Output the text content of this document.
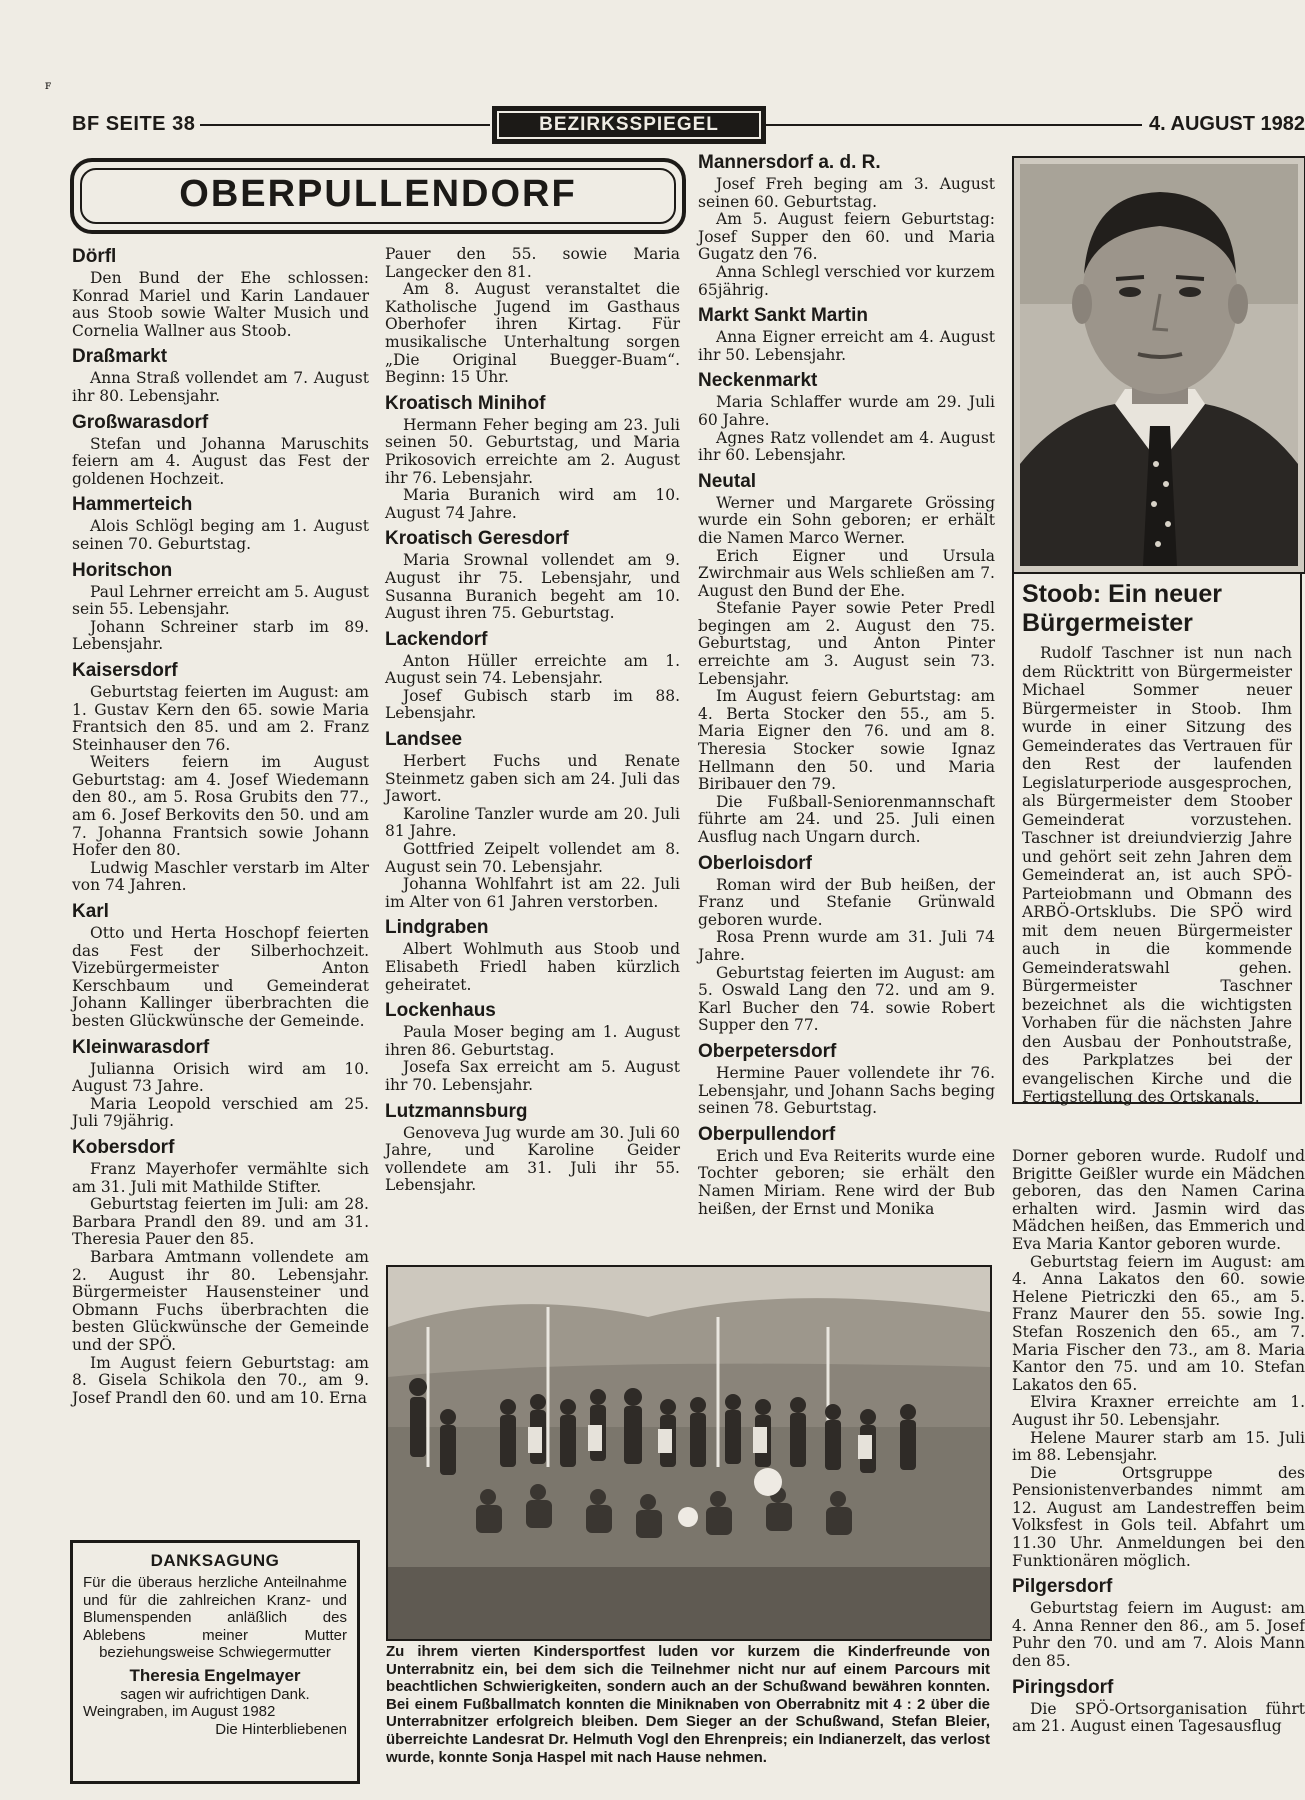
ꜰ
BF SEITE 38	BEZIRKSSPIEGEL	4. AUGUST 1982
OBERPULLENDORF
Dörfl

Den Bund der Ehe schlossen: Konrad Mariel und Karin Landauer aus Stoob sowie Walter Musich und Cornelia Wallner aus Stoob.

Draßmarkt

Anna Straß vollendet am 7. August ihr 80. Lebensjahr.

Großwarasdorf

Stefan und Johanna Maruschits feiern am 4. August das Fest der goldenen Hochzeit.

Hammerteich

Alois Schlögl beging am 1. August seinen 70. Geburtstag.

Horitschon

Paul Lehrner erreicht am 5. August sein 55. Lebensjahr.

Johann Schreiner starb im 89. Lebensjahr.

Kaisersdorf

Geburtstag feierten im August: am 1. Gustav Kern den 65. sowie Maria Frantsich den 85. und am 2. Franz Steinhauser den 76.

Weiters feiern im August Geburtstag: am 4. Josef Wiedemann den 80., am 5. Rosa Grubits den 77., am 6. Josef Berkovits den 50. und am 7. Johanna Frantsich sowie Johann Hofer den 80.

Ludwig Maschler verstarb im Alter von 74 Jahren.

Karl

Otto und Herta Hoschopf feierten das Fest der Silberhochzeit. Vizebürgermeister Anton Kerschbaum und Gemeinderat Johann Kallinger überbrachten die besten Glückwünsche der Gemeinde.

Kleinwarasdorf

Julianna Orisich wird am 10. August 73 Jahre.

Maria Leopold verschied am 25. Juli 79jährig.

Kobersdorf

Franz Mayerhofer vermählte sich am 31. Juli mit Mathilde Stifter.

Geburtstag feierten im Juli: am 28. Barbara Prandl den 89. und am 31. Theresia Pauer den 85.

Barbara Amtmann vollendete am 2. August ihr 80. Lebensjahr. Bürgermeister Hausensteiner und Obmann Fuchs überbrachten die besten Glückwünsche der Gemeinde und der SPÖ.

Im August feiern Geburtstag: am 8. Gisela Schikola den 70., am 9. Josef Prandl den 60. und am 10. Erna

Pauer den 55. sowie Maria Langecker den 81.

Am 8. August veranstaltet die Katholische Jugend im Gasthaus Oberhofer ihren Kirtag. Für musikalische Unterhaltung sorgen „Die Original Buegger-Buam“. Beginn: 15 Uhr.

Kroatisch Minihof

Hermann Feher beging am 23. Juli seinen 50. Geburtstag, und Maria Prikosovich erreichte am 2. August ihr 76. Lebensjahr.

Maria Buranich wird am 10. August 74 Jahre.

Kroatisch Geresdorf

Maria Srownal vollendet am 9. August ihr 75. Lebensjahr, und Susanna Buranich begeht am 10. August ihren 75. Geburtstag.

Lackendorf

Anton Hüller erreichte am 1. August sein 74. Lebensjahr.

Josef Gubisch starb im 88. Lebensjahr.

Landsee

Herbert Fuchs und Renate Steinmetz gaben sich am 24. Juli das Jawort.

Karoline Tanzler wurde am 20. Juli 81 Jahre.

Gottfried Zeipelt vollendet am 8. August sein 70. Lebensjahr.

Johanna Wohlfahrt ist am 22. Juli im Alter von 61 Jahren verstorben.

Lindgraben

Albert Wohlmuth aus Stoob und Elisabeth Friedl haben kürzlich geheiratet.

Lockenhaus

Paula Moser beging am 1. August ihren 86. Geburtstag.

Josefa Sax erreicht am 5. August ihr 70. Lebensjahr.

Lutzmannsburg

Genoveva Jug wurde am 30. Juli 60 Jahre, und Karoline Geider vollendete am 31. Juli ihr 55. Lebensjahr.

Mannersdorf a. d. R.

Josef Freh beging am 3. August seinen 60. Geburtstag.

Am 5. August feiern Geburtstag: Josef Supper den 60. und Maria Gugatz den 76.

Anna Schlegl verschied vor kurzem 65jährig.

Markt Sankt Martin

Anna Eigner erreicht am 4. August ihr 50. Lebensjahr.

Neckenmarkt

Maria Schlaffer wurde am 29. Juli 60 Jahre.

Agnes Ratz vollendet am 4. August ihr 60. Lebensjahr.

Neutal

Werner und Margarete Grössing wurde ein Sohn geboren; er erhält die Namen Marco Werner.

Erich Eigner und Ursula Zwirchmair aus Wels schließen am 7. August den Bund der Ehe.

Stefanie Payer sowie Peter Predl begingen am 2. August den 75. Geburtstag, und Anton Pinter erreichte am 3. August sein 73. Lebensjahr.

Im August feiern Geburtstag: am 4. Berta Stocker den 55., am 5. Maria Eigner den 76. und am 8. Theresia Stocker sowie Ignaz Hellmann den 50. und Maria Biribauer den 79.

Die Fußball-Seniorenmannschaft führte am 24. und 25. Juli einen Ausflug nach Ungarn durch.

Oberloisdorf

Roman wird der Bub heißen, der Franz und Stefanie Grünwald geboren wurde.

Rosa Prenn wurde am 31. Juli 74 Jahre.

Geburtstag feierten im August: am 5. Oswald Lang den 72. und am 9. Karl Bucher den 74. sowie Robert Supper den 77.

Oberpetersdorf

Hermine Pauer vollendete ihr 76. Lebensjahr, und Johann Sachs beging seinen 78. Geburtstag.

Oberpullendorf

Erich und Eva Reiterits wurde eine Tochter geboren; sie erhält den Namen Miriam. Rene wird der Bub heißen, der Ernst und Monika

Dorner geboren wurde. Rudolf und Brigitte Geißler wurde ein Mädchen geboren, das den Namen Carina erhalten wird. Jasmin wird das Mädchen heißen, das Emmerich und Eva Maria Kantor geboren wurde.

Geburtstag feiern im August: am 4. Anna Lakatos den 60. sowie Helene Pietriczki den 65., am 5. Franz Maurer den 55. sowie Ing. Stefan Roszenich den 65., am 7. Maria Fischer den 73., am 8. Maria Kantor den 75. und am 10. Stefan Lakatos den 65.

Elvira Kraxner erreichte am 1. August ihr 50. Lebensjahr.

Helene Maurer starb am 15. Juli im 88. Lebensjahr.

Die Ortsgruppe des Pensionistenverbandes nimmt am 12. August am Landestreffen beim Volksfest in Gols teil. Abfahrt um 11.30 Uhr. Anmeldungen bei den Funktionären möglich.

Pilgersdorf

Geburtstag feiern im August: am 4. Anna Renner den 86., am 5. Josef Puhr den 70. und am 7. Alois Mann den 85.

Piringsdorf

Die SPÖ-Ortsorganisation führt am 21. August einen Tagesausflug

Stoob: Ein neuer Bürgermeister

Rudolf Taschner ist nun nach dem Rücktritt von Bürgermeister Michael Sommer neuer Bürgermeister in Stoob. Ihm wurde in einer Sitzung des Gemeinderates das Vertrauen für den Rest der laufenden Legislaturperiode ausgesprochen, als Bürgermeister dem Stoober Gemeinderat vorzustehen. Taschner ist dreiundvierzig Jahre und gehört seit zehn Jahren dem Gemeinderat an, ist auch SPÖ-Parteiobmann und Obmann des ARBÖ-Ortsklubs. Die SPÖ wird mit dem neuen Bürgermeister auch in die kommende Gemeinderatswahl gehen. Bürgermeister Taschner bezeichnet als die wichtigsten Vorhaben für die nächsten Jahre den Ausbau der Ponhoutstraße, des Parkplatzes bei der evangelischen Kirche und die Fertigstellung des Ortskanals.

Zu ihrem vierten Kindersportfest luden vor kurzem die Kinderfreunde von Unterrabnitz ein, bei dem sich die Teilnehmer nicht nur auf einem Parcours mit beachtlichen Schwierigkeiten, sondern auch an der Schußwand bewähren konnten. Bei einem Fußballmatch konnten die Miniknaben von Oberrabnitz mit 4 : 2 über die Unterrabnitzer erfolgreich bleiben. Dem Sieger an der Schußwand, Stefan Bleier, überreichte Landesrat Dr. Helmuth Vogl den Ehrenpreis; ein Indianerzelt, das verlost wurde, konnte Sonja Haspel mit nach Hause nehmen.
DANKSAGUNG
Für die überaus herzliche Anteilnahme und für die zahlreichen Kranz- und Blumenspenden anläßlich des Ablebens meiner Mutter beziehungsweise Schwiegermutter
Theresia Engelmayer
sagen wir aufrichtigen Dank.
Weingraben, im August 1982
Die Hinterbliebenen
